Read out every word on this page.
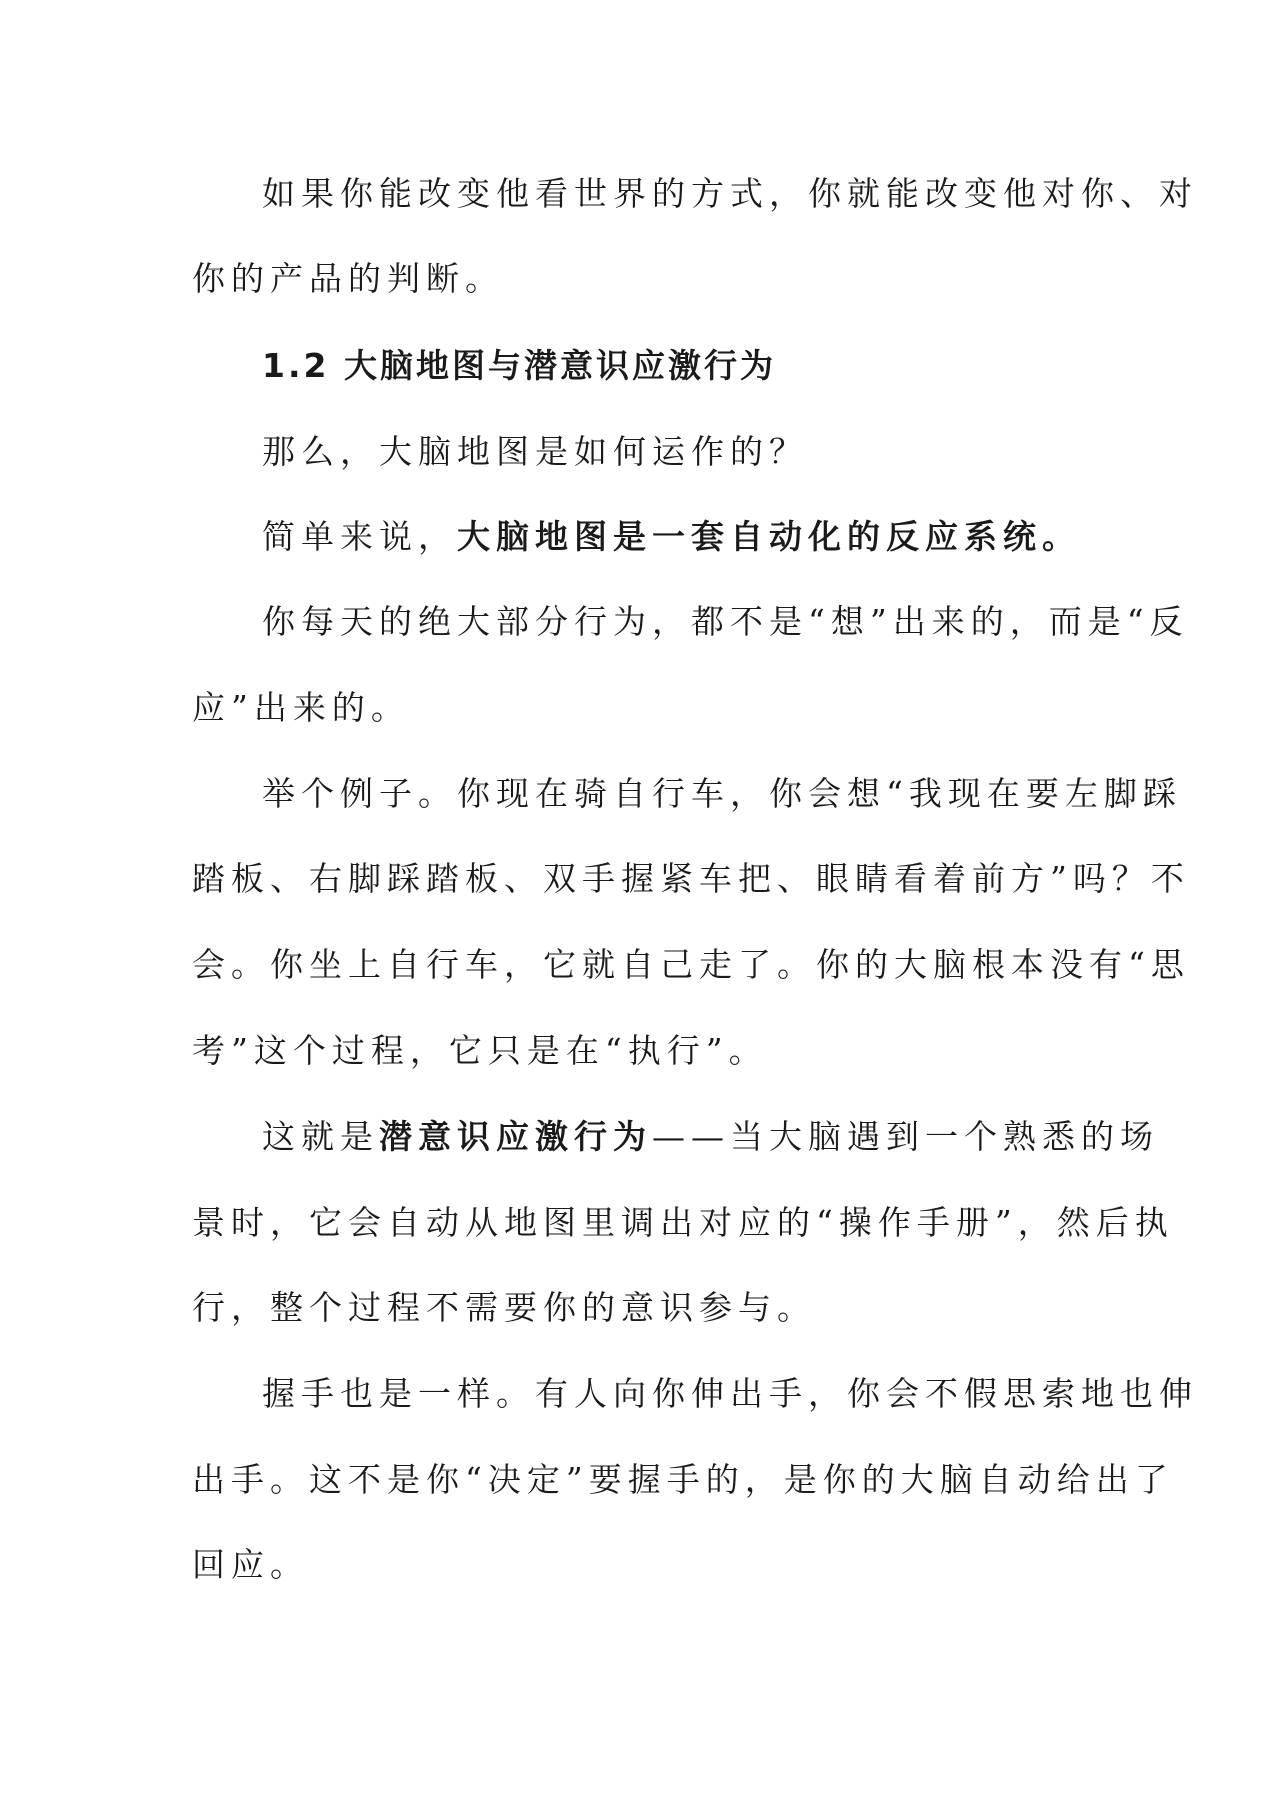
如果你能改变他看世界的方式，你就能改变他对你、对
你的产品的判断。
1.2 大脑地图与潜意识应激行为
那么，大脑地图是如何运作的？
简单来说，大脑地图是一套自动化的反应系统。
你每天的绝大部分行为，都不是“想”出来的，而是“反
应”出来的。
举个例子。你现在骑自行车，你会想“我现在要左脚踩
踏板、右脚踩踏板、双手握紧车把、眼睛看着前方”吗？不
会。你坐上自行车，它就自己走了。你的大脑根本没有“思
考”这个过程，它只是在“执行”。
这就是潜意识应激行为——当大脑遇到一个熟悉的场
景时，它会自动从地图里调出对应的“操作手册”，然后执
行，整个过程不需要你的意识参与。
握手也是一样。有人向你伸出手，你会不假思索地也伸
出手。这不是你“决定”要握手的，是你的大脑自动给出了
回应。
